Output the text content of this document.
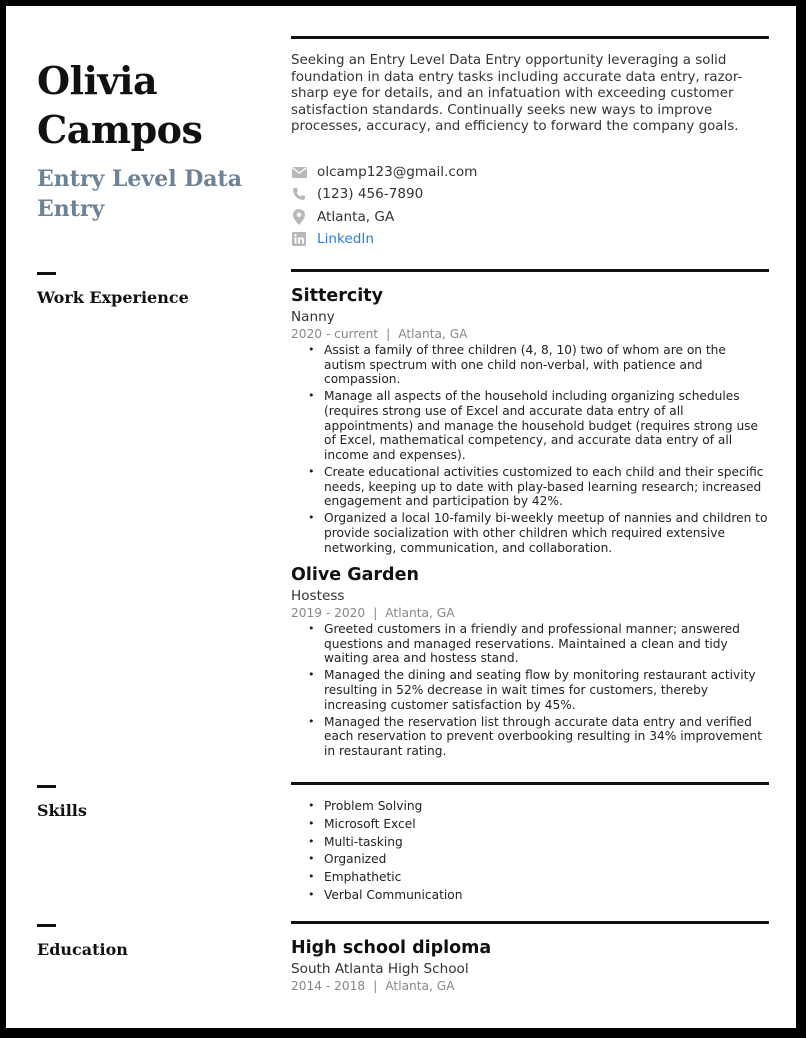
Olivia
Campos
Entry Level Data
Entry
Seeking an Entry Level Data Entry opportunity leveraging a solid foundation in data entry tasks including accurate data entry, razor-sharp eye for details, and an infatuation with exceeding customer satisfaction standards. Continually seeks new ways to improve processes, accuracy, and efficiency to forward the company goals.
olcamp123@gmail.com
(123) 456-7890
Atlanta, GA
LinkedIn
Work Experience	Sittercity
Nanny
2020 - current | Atlanta, GA
• Assist a family of three children (4, 8, 10) two of whom are on the autism spectrum with one child non-verbal, with patience and compassion.
• Manage all aspects of the household including organizing schedules (requires strong use of Excel and accurate data entry of all appointments) and manage the household budget (requires strong use of Excel, mathematical competency, and accurate data entry of all income and expenses).
• Create educational activities customized to each child and their specific needs, keeping up to date with play-based learning research; increased engagement and participation by 42%.
• Organized a local 10-family bi-weekly meetup of nannies and children to provide socialization with other children which required extensive networking, communication, and collaboration.
Olive Garden
Hostess
2019 - 2020 | Atlanta, GA
• Greeted customers in a friendly and professional manner; answered questions and managed reservations. Maintained a clean and tidy waiting area and hostess stand.
• Managed the dining and seating flow by monitoring restaurant activity resulting in 52% decrease in wait times for customers, thereby increasing customer satisfaction by 45%.
• Managed the reservation list through accurate data entry and verified each reservation to prevent overbooking resulting in 34% improvement in restaurant rating.
Skills
•	Problem Solving
• Microsoft Excel
• Multi-tasking
• Organized
• Emphathetic
• Verbal Communication
Education	High school diploma
South Atlanta High School
2014 - 2018 | Atlanta, GA
